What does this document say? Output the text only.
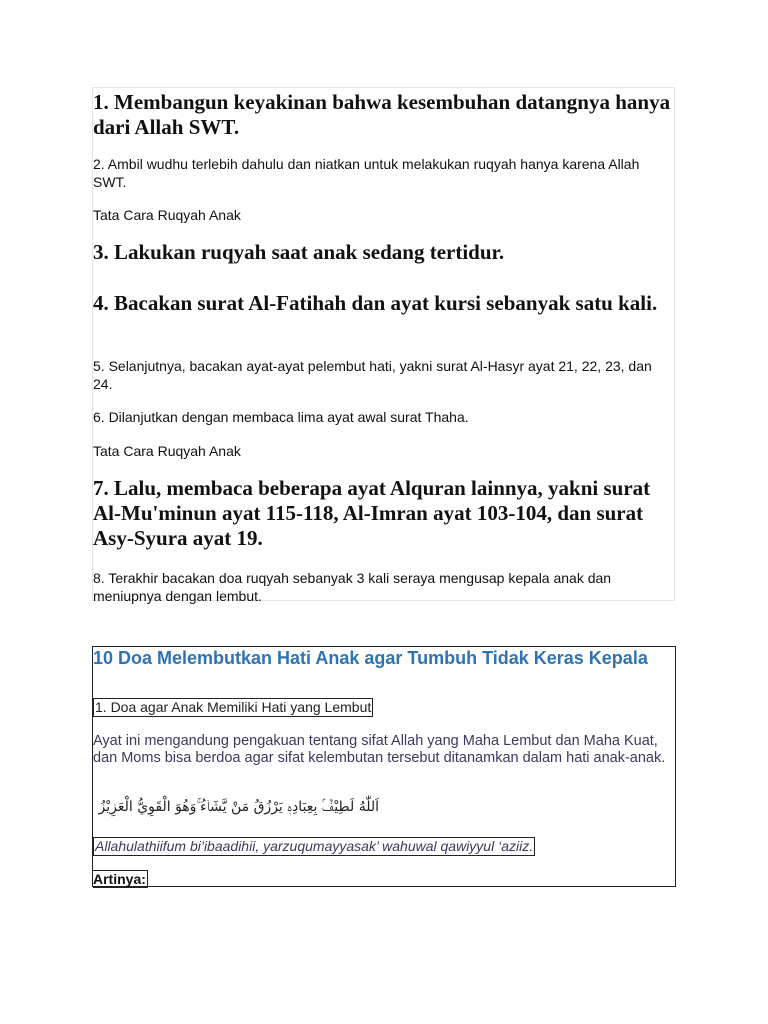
1. Membangun keyakinan bahwa kesembuhan datangnya hanya dari Allah SWT.

2. Ambil wudhu terlebih dahulu dan niatkan untuk melakukan ruqyah hanya karena Allah SWT.

Tata Cara Ruqyah Anak

3. Lakukan ruqyah saat anak sedang tertidur.

4. Bacakan surat Al-Fatihah dan ayat kursi sebanyak satu kali.

5. Selanjutnya, bacakan ayat-ayat pelembut hati, yakni surat Al-Hasyr ayat 21, 22, 23, dan 24.

6. Dilanjutkan dengan membaca lima ayat awal surat Thaha.

Tata Cara Ruqyah Anak

7. Lalu, membaca beberapa ayat Alquran lainnya, yakni surat Al-Mu'minun ayat 115-118, Al-Imran ayat 103-104, dan surat Asy-Syura ayat 19.

8. Terakhir bacakan doa ruqyah sebanyak 3 kali seraya mengusap kepala anak dan meniupnya dengan lembut.

10 Doa Melembutkan Hati Anak agar Tumbuh Tidak Keras Kepala

1. Doa agar Anak Memiliki Hati yang Lembut

Ayat ini mengandung pengakuan tentang sifat Allah yang Maha Lembut dan Maha Kuat, dan Moms bisa berdoa agar sifat kelembutan tersebut ditanamkan dalam hati anak-anak.

اَللّٰهُ لَطِيْفٌۢ بِعِبَادِهٖ يَرْزُقُ مَنْ يَّشَاۤءُ ۚوَهُوَ الْقَوِيُّ الْعَزِيْزُ

Allahulathiifum bi’ibaadihii, yarzuqumayyasak’ wahuwal qawiyyul ‘aziiz.
Artinya:
